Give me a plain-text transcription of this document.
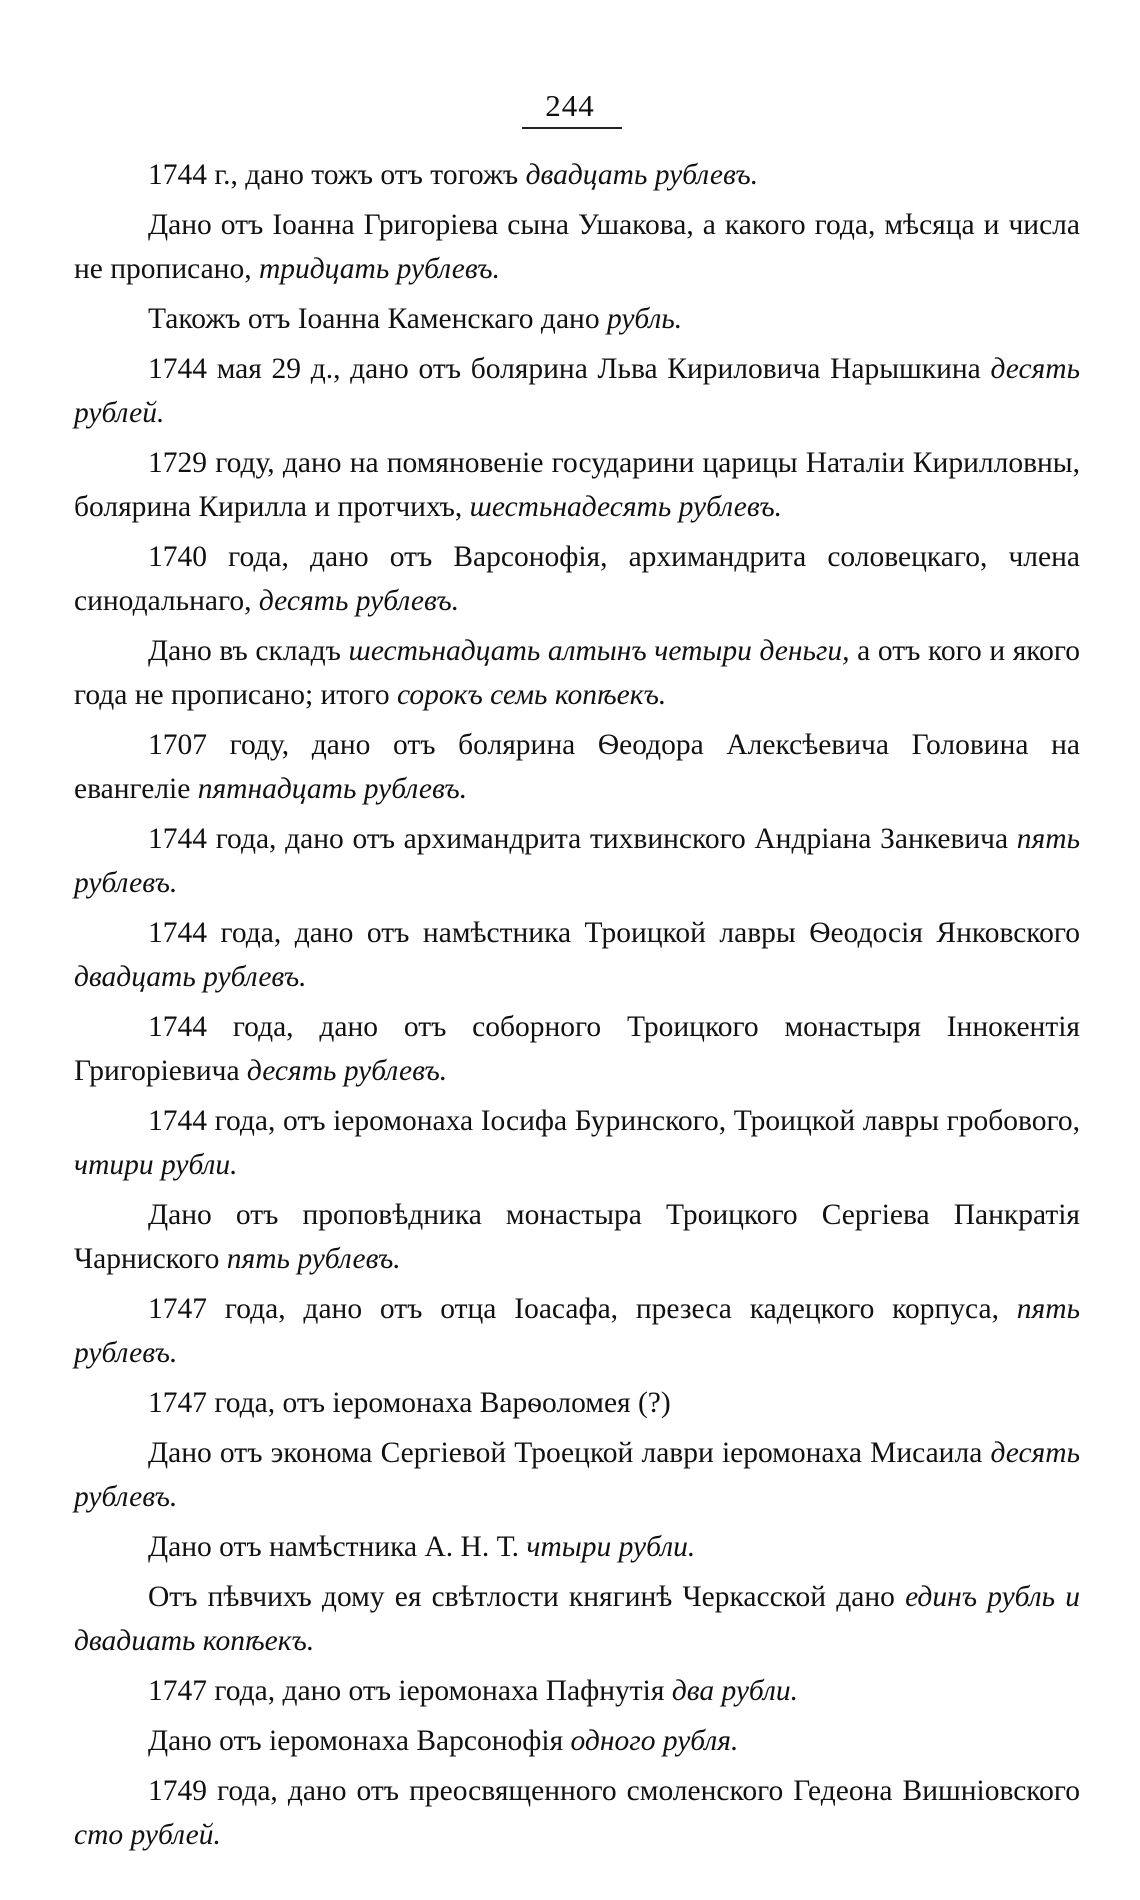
244

1744 г., дано тожъ отъ тогожъ двадцать рублевъ.

Дано отъ Іоанна Григоріева сына Ушакова, а какого года, мѣсяца и числа не прописано, тридцать рублевъ.

Такожъ отъ Іоанна Каменскаго дано рубль.

1744 мая 29 д., дано отъ болярина Льва Кириловича Нарышкина десять рублей.

1729 году, дано на помяновеніе государини царицы Наталіи Кирилловны, болярина Кирилла и протчихъ, шестьнадесять рублевъ.

1740 года, дано отъ Варсонофія, архимандрита соловецкаго, члена синодальнаго, десять рублевъ.

Дано въ складъ шестьнадцать алтынъ четыри деньги, а отъ кого и якого года не прописано; итого сорокъ семь копѣекъ.

1707 году, дано отъ болярина Ѳеодора Алексѣевича Головина на евангеліе пятнадцать рублевъ.

1744 года, дано отъ архимандрита тихвинского Андріана Занкевича пять рублевъ.

1744 года, дано отъ намѣстника Троицкой лавры Ѳеодосія Янковского двадцать рублевъ.

1744 года, дано отъ соборного Троицкого монастыря Іннокентія Григоріевича десять рублевъ.

1744 года, отъ іеромонаха Іосифа Буринского, Троицкой лавры гробового, чтири рубли.

Дано отъ проповѣдника монастыра Троицкого Сергіева Панкратія Чарниского пять рублевъ.

1747 года, дано отъ отца Іоасафа, презеса кадецкого корпуса, пять рублевъ.

1747 года, отъ іеромонаха Варѳоломея (?)

Дано отъ эконома Сергіевой Троецкой лаври іеромонаха Мисаила десять рублевъ.

Дано отъ намѣстника А. Н. Т. чтыри рубли.

Отъ пѣвчихъ дому ея свѣтлости княгинѣ Черкасской дано единъ рубль и двадиать копѣекъ.

1747 года, дано отъ іеромонаха Пафнутія два рубли.

Дано отъ іеромонаха Варсонофія одного рубля.

1749 года, дано отъ преосвященного смоленского Гедеона Вишніовского сто рублей.
